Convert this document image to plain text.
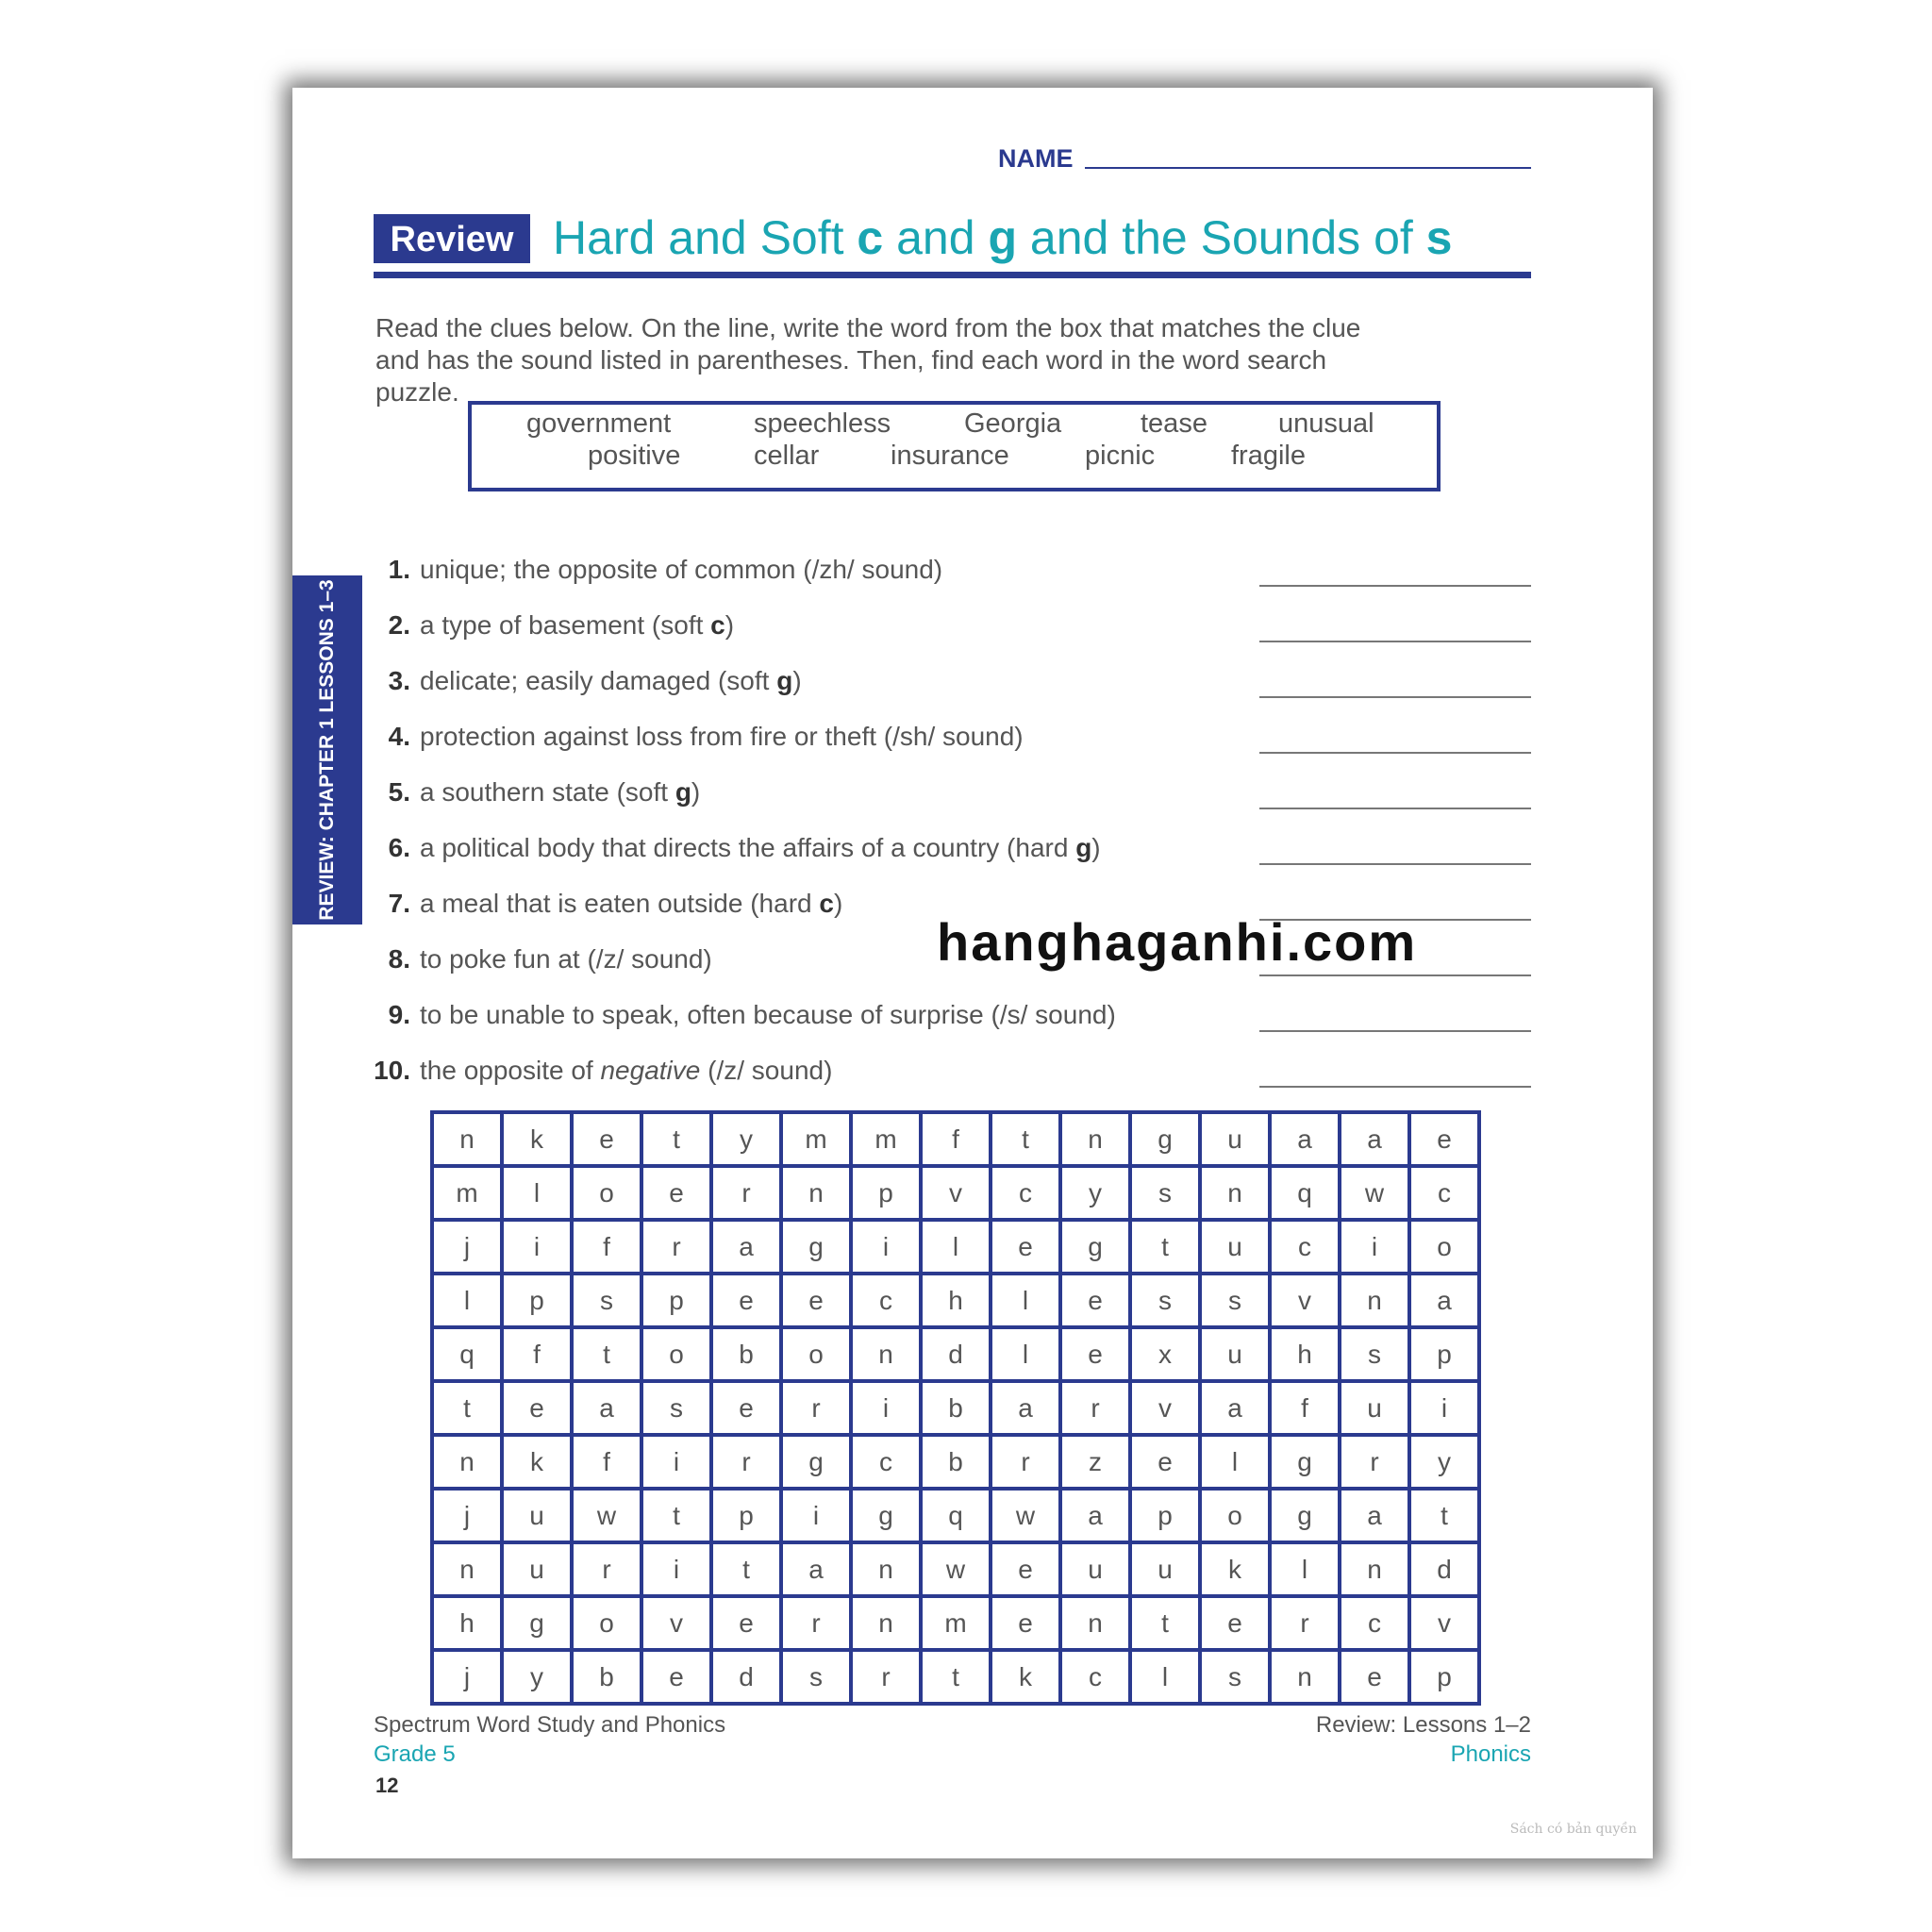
NAME
Review Hard and Soft c and g and the Sounds of s
Read the clues below. On the line, write the word from the box that matches the clue
and has the sound listed in parentheses. Then, find each word in the word search
puzzle.
government	speechless	Georgia	tease	unusual
positive	cellar	insurance	picnic	fragile
REVIEW: CHAPTER 1 LESSONS 1–3
1. unique; the opposite of common (/zh/ sound)
2. a type of basement (soft c)
3. delicate; easily damaged (soft g)
4. protection against loss from fire or theft (/sh/ sound)
5. a southern state (soft g)
6. a political body that directs the affairs of a country (hard g)
7. a meal that is eaten outside (hard c)
8. to poke fun at (/z/ sound)
9. to be unable to speak, often because of surprise (/s/ sound)
10. the opposite of negative (/z/ sound)
hanghaganhi.com
n	k	e	t	y	m	m	f	t	n	g	u	a	a	e
m	l	o	e	r	n	p	v	c	y	s	n	q	w	c
j	i	f	r	a	g	i	l	e	g	t	u	c	i	o
l	p	s	p	e	e	c	h	l	e	s	s	v	n	a
q	f	t	o	b	o	n	d	l	e	x	u	h	s	p
t	e	a	s	e	r	i	b	a	r	v	a	f	u	i
n	k	f	i	r	g	c	b	r	z	e	l	g	r	y
j	u	w	t	p	i	g	q	w	a	p	o	g	a	t
n	u	r	i	t	a	n	w	e	u	u	k	l	n	d
h	g	o	v	e	r	n	m	e	n	t	e	r	c	v
j	y	b	e	d	s	r	t	k	c	l	s	n	e	p
Spectrum Word Study and Phonics
Grade 5
12
Review: Lessons 1–2
Phonics
Sách có bản quyền
